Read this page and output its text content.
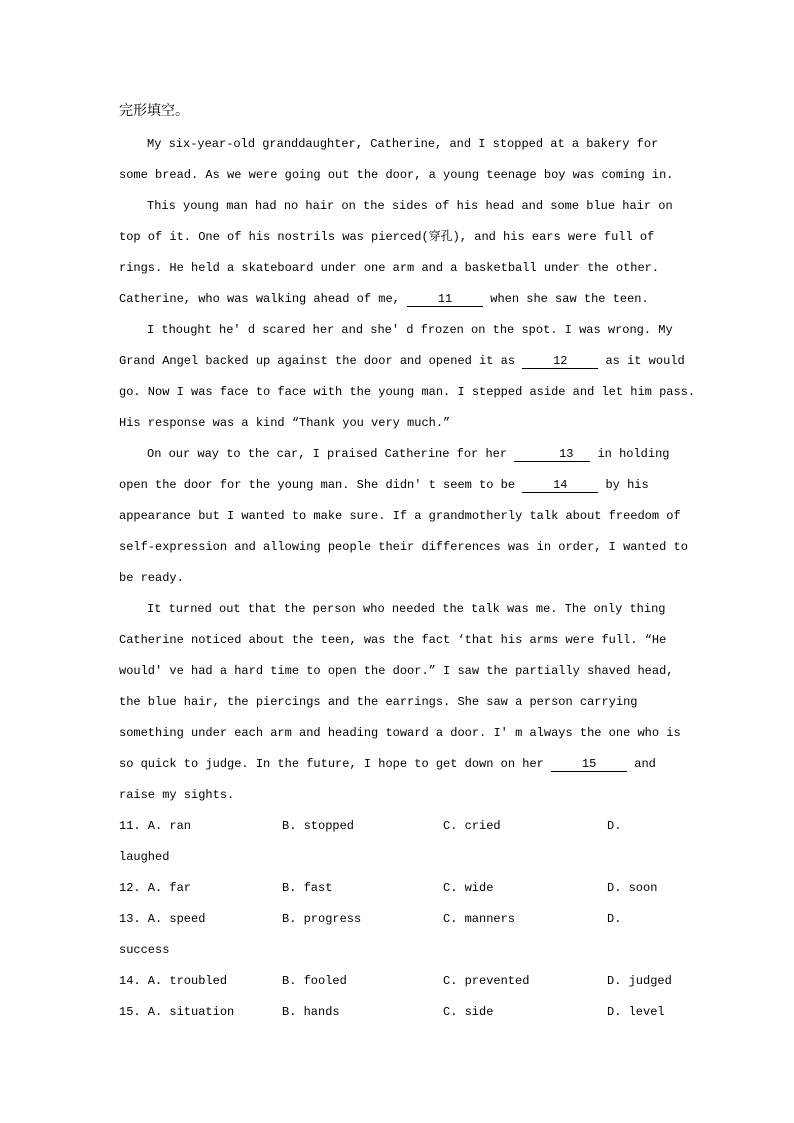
完形填空。
My six-year-old granddaughter, Catherine, and I stopped at a bakery for
some bread. As we were going out the door, a young teenage boy was coming in.
This young man had no hair on the sides of his head and some blue hair on
top of it. One of his nostrils was pierced(穿孔), and his ears were full of
rings. He held a skateboard under one arm and a basketball under the other.
Catherine, who was walking ahead of me,	11	when she saw the teen.
I thought he' d scared her and she' d frozen on the spot. I was wrong. My
Grand Angel backed up against the door and opened it as	12	as it would
go. Now I was face to face with the young man. I stepped aside and let him pass.
His response was a kind “Thank you very much.”
On our way to the car, I praised Catherine for her	13 in holding
open the door for the young man. She didn' t seem to be	14	by his
appearance but I wanted to make sure. If a grandmotherly talk about freedom of
self-expression and allowing people their differences was in order, I wanted to
be ready.
It turned out that the person who needed the talk was me. The only thing
Catherine noticed about the teen, was the fact ‘that his arms were full. “He
would' ve had a hard time to open the door.” I saw the partially shaved head,
the blue hair, the piercings and the earrings. She saw a person carrying
something under each arm and heading toward a door. I' m always the one who is
so quick to judge. In the future, I hope to get down on her	15	and
raise my sights.
11. A. ran	B. stopped	C. cried	D.
laughed
12. A. far	B. fast	C. wide	D. soon
13. A. speed	B. progress	C. manners	D.
success
14. A. troubled	B. fooled	C. prevented	D. judged
15. A. situation	B. hands	C. side	D. level
